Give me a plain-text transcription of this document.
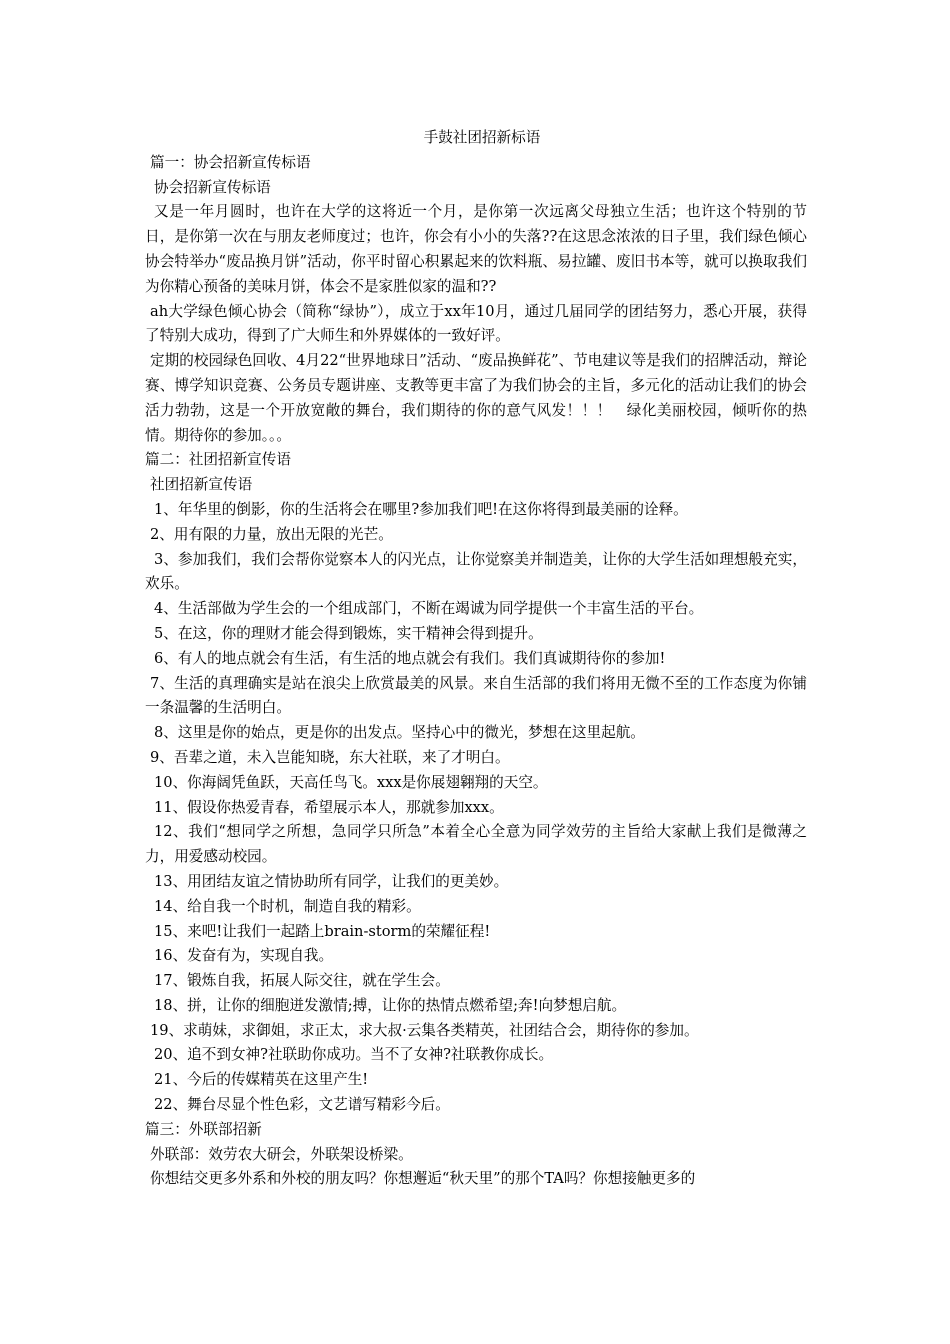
手鼓社团招新标语
篇一：协会招新宣传标语
协会招新宣传标语
又是一年月圆时，也许在大学的这将近一个月，是你第一次远离父母独立生活；也许这个特别的节日，是你第一次在与朋友老师度过；也许，你会有小小的失落??在这思念浓浓的日子里，我们绿色倾心协会特举办“废品换月饼”活动，你平时留心积累起来的饮料瓶、易拉罐、废旧书本等，就可以换取我们为你精心预备的美味月饼，体会不是家胜似家的温和??
ah大学绿色倾心协会（简称“绿协”），成立于xx年10月，通过几届同学的团结努力，悉心开展，获得了特别大成功，得到了广大师生和外界媒体的一致好评。
定期的校园绿色回收、4月22“世界地球日”活动、“废品换鲜花”、节电建议等是我们的招牌活动，辩论赛、博学知识竞赛、公务员专题讲座、支教等更丰富了为我们协会的主旨，多元化的活动让我们的协会活力勃勃，这是一个开放宽敞的舞台，我们期待的你的意气风发！！！　绿化美丽校园，倾听你的热情。期待你的参加。。。
篇二：社团招新宣传语
社团招新宣传语
1、年华里的倒影，你的生活将会在哪里?参加我们吧!在这你将得到最美丽的诠释。
2、用有限的力量，放出无限的光芒。
3、参加我们，我们会帮你觉察本人的闪光点，让你觉察美并制造美，让你的大学生活如理想般充实，欢乐。
4、生活部做为学生会的一个组成部门，不断在竭诚为同学提供一个丰富生活的平台。
5、在这，你的理财才能会得到锻炼，实干精神会得到提升。
6、有人的地点就会有生活，有生活的地点就会有我们。我们真诚期待你的参加!
7、生活的真理确实是站在浪尖上欣赏最美的风景。来自生活部的我们将用无微不至的工作态度为你铺一条温馨的生活明白。
8、这里是你的始点，更是你的出发点。坚持心中的微光，梦想在这里起航。
9、吾辈之道，未入岂能知晓，东大社联，来了才明白。
10、你海阔凭鱼跃，天高任鸟飞。xxx是你展翅翱翔的天空。
11、假设你热爱青春，希望展示本人，那就参加xxx。
12、我们“想同学之所想，急同学只所急”本着全心全意为同学效劳的主旨给大家献上我们是微薄之力，用爱感动校园。
13、用团结友谊之情协助所有同学，让我们的更美妙。
14、给自我一个时机，制造自我的精彩。
15、来吧!让我们一起踏上brain-storm的荣耀征程!
16、发奋有为，实现自我。
17、锻炼自我，拓展人际交往，就在学生会。
18、拼，让你的细胞迸发激情;搏，让你的热情点燃希望;奔!向梦想启航。
19、求萌妹，求御姐，求正太，求大叔·云集各类精英，社团结合会，期待你的参加。
20、追不到女神?社联助你成功。当不了女神?社联教你成长。
21、今后的传媒精英在这里产生!
22、舞台尽显个性色彩，文艺谱写精彩今后。
篇三：外联部招新
外联部：效劳农大研会，外联架设桥梁。
你想结交更多外系和外校的朋友吗？你想邂逅“秋天里”的那个TA吗？你想接触更多的
